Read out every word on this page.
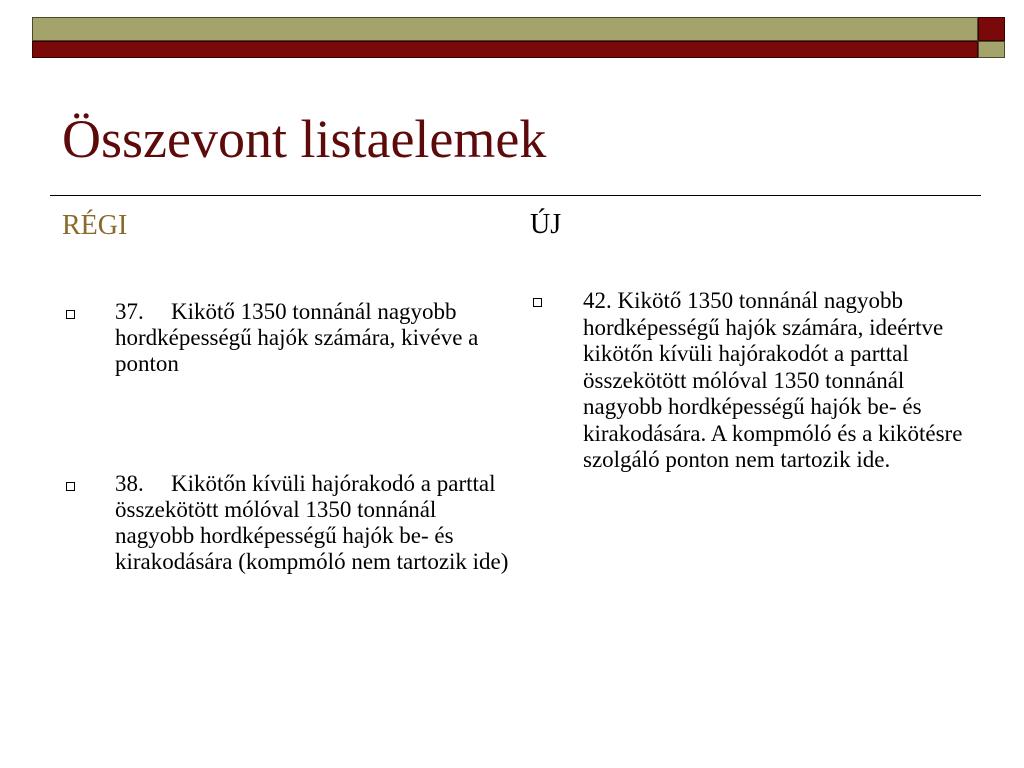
Összevont listaelemek
RÉGI	ÚJ

37. Kikötő 1350 tonnánál nagyobb hordképességű hajók számára, kivéve a ponton

38. Kikötőn kívüli hajórakodó a parttal összekötött mólóval 1350 tonnánál nagyobb hordképességű hajók be- és kirakodására (kompmóló nem tartozik ide)

42. Kikötő 1350 tonnánál nagyobb hordképességű hajók számára, ideértve kikötőn kívüli hajórakodót a parttal összekötött mólóval 1350 tonnánál nagyobb hordképességű hajók be- és kirakodására. A kompmóló és a kikötésre szolgáló ponton nem tartozik ide.
